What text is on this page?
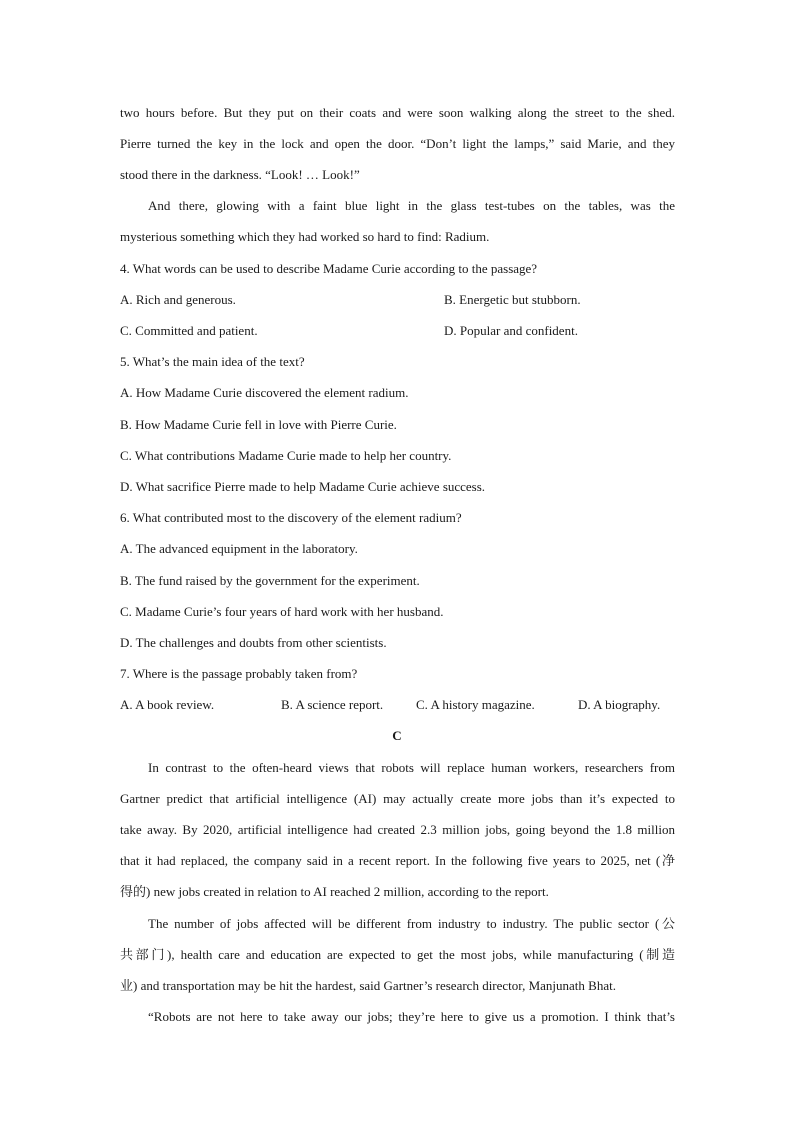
two hours before. But they put on their coats and were soon walking along the street to the shed.
Pierre turned the key in the lock and open the door. “Don’t light the lamps,” said Marie, and they
stood there in the darkness. “Look! … Look!”
And there, glowing with a faint blue light in the glass test-tubes on the tables, was the
mysterious something which they had worked so hard to find: Radium.
4. What words can be used to describe Madame Curie according to the passage?
A. Rich and generous.	B. Energetic but stubborn.
C. Committed and patient.	D. Popular and confident.
5. What’s the main idea of the text?
A. How Madame Curie discovered the element radium.
B. How Madame Curie fell in love with Pierre Curie.
C. What contributions Madame Curie made to help her country.
D. What sacrifice Pierre made to help Madame Curie achieve success.
6. What contributed most to the discovery of the element radium?
A. The advanced equipment in the laboratory.
B. The fund raised by the government for the experiment.
C. Madame Curie’s four years of hard work with her husband.
D. The challenges and doubts from other scientists.
7. Where is the passage probably taken from?
A. A book review.	B. A science report.	C. A history magazine.	D. A biography.
C
In contrast to the often-heard views that robots will replace human workers, researchers from
Gartner predict that artificial intelligence (AI) may actually create more jobs than it’s expected to
take away. By 2020, artificial intelligence had created 2.3 million jobs, going beyond the 1.8 million
that it had replaced, the company said in a recent report. In the following five years to 2025, net (净
得的) new jobs created in relation to AI reached 2 million, according to the report.
The number of jobs affected will be different from industry to industry. The public sector (公
共部门), health care and education are expected to get the most jobs, while manufacturing (制造
业) and transportation may be hit the hardest, said Gartner’s research director, Manjunath Bhat.
“Robots are not here to take away our jobs; they’re here to give us a promotion. I think that’s
